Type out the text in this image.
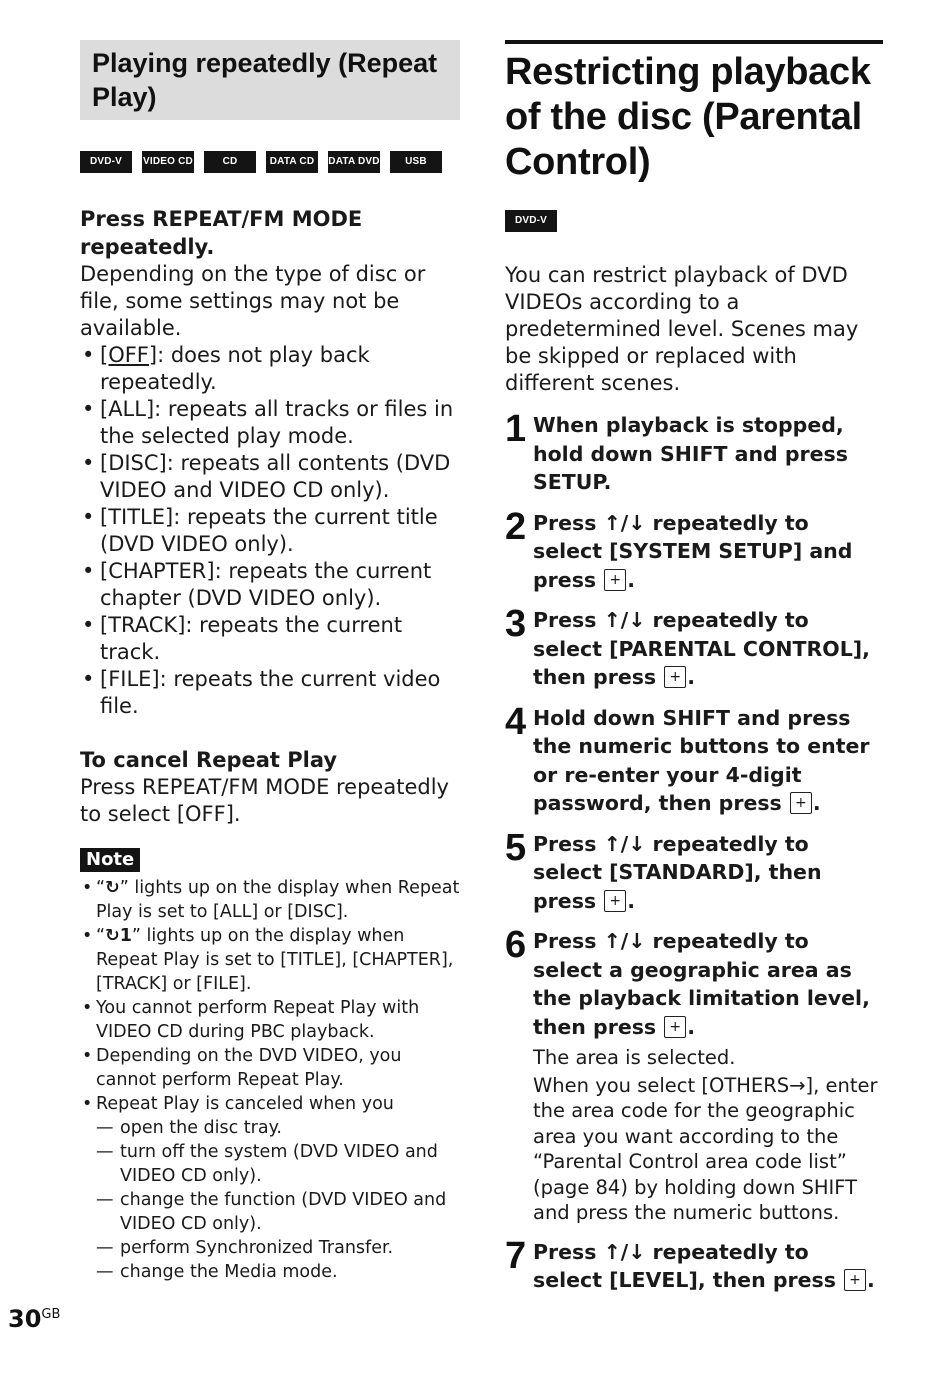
Playing repeatedly (Repeat Play)
DVD-V	VIDEO CD	CD	DATA CD	DATA DVD	USB
Press REPEAT/FM MODE repeatedly.
Depending on the type of disc or file, some settings may not be available.
• [OFF]: does not play back repeatedly.
• [ALL]: repeats all tracks or files in the selected play mode.
• [DISC]: repeats all contents (DVD VIDEO and VIDEO CD only).
• [TITLE]: repeats the current title (DVD VIDEO only).
• [CHAPTER]: repeats the current chapter (DVD VIDEO only).
• [TRACK]: repeats the current track.
• [FILE]: repeats the current video file.
To cancel Repeat Play
Press REPEAT/FM MODE repeatedly to select [OFF].
Note
• “↻” lights up on the display when Repeat Play is set to [ALL] or [DISC].
• “↻1” lights up on the display when Repeat Play is set to [TITLE], [CHAPTER], [TRACK] or [FILE].
• You cannot perform Repeat Play with VIDEO CD during PBC playback.
• Depending on the DVD VIDEO, you cannot perform Repeat Play.
• Repeat Play is canceled when you
— open the disc tray.
— turn off the system (DVD VIDEO and VIDEO CD only).
— change the function (DVD VIDEO and VIDEO CD only).
— perform Synchronized Transfer.
— change the Media mode.
Restricting playback of the disc (Parental Control)
DVD-V
You can restrict playback of DVD VIDEOs according to a predetermined level. Scenes may be skipped or replaced with different scenes.
1 When playback is stopped, hold down SHIFT and press SETUP.
2 Press ↑/↓ repeatedly to select [SYSTEM SETUP] and press +.
3 Press ↑/↓ repeatedly to select [PARENTAL CONTROL], then press +.
4 Hold down SHIFT and press the numeric buttons to enter or re-enter your 4-digit password, then press +.
5 Press ↑/↓ repeatedly to select [STANDARD], then press +.
6 Press ↑/↓ repeatedly to select a geographic area as the playback limitation level, then press +.
The area is selected.
When you select [OTHERS→], enter the area code for the geographic area you want according to the “Parental Control area code list” (page 84) by holding down SHIFT and press the numeric buttons.
7 Press ↑/↓ repeatedly to select [LEVEL], then press +.
$30^{GB}$
